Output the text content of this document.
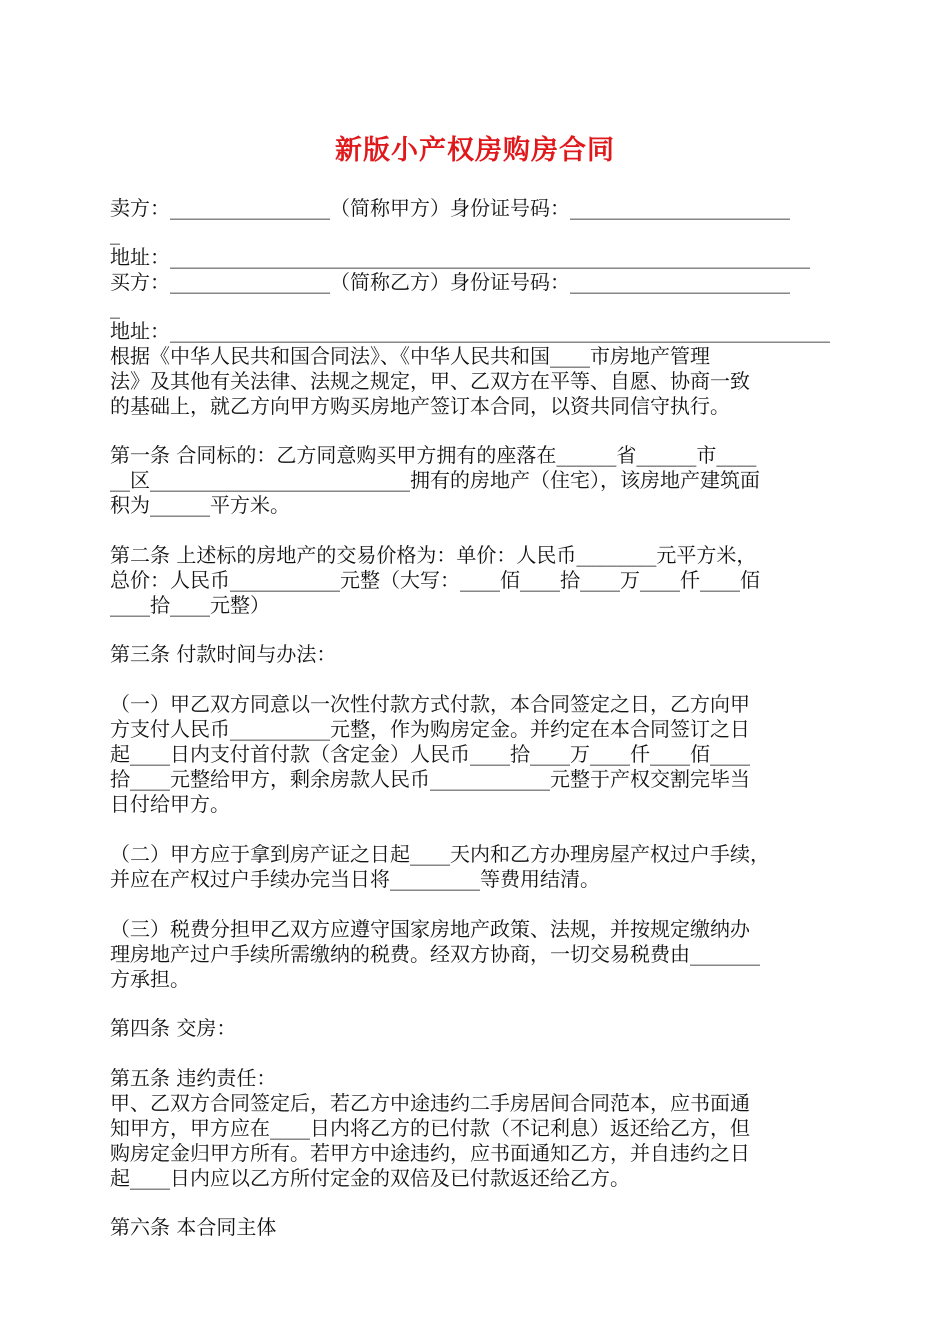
新版小产权房购房合同
卖方：________________（简称甲方）身份证号码：______________________
_
地址：________________________________________________________________
买方：________________（简称乙方）身份证号码：______________________
_
地址：__________________________________________________________________
根据《中华人民共和国合同法》、《中华人民共和国____市房地产管理
法》及其他有关法律、法规之规定，甲、乙双方在平等、自愿、协商一致
的基础上，就乙方向甲方购买房地产签订本合同，以资共同信守执行。
第一条 合同标的：乙方同意购买甲方拥有的座落在______省______市____
__区__________________________拥有的房地产（住宅），该房地产建筑面
积为______平方米。
第二条 上述标的房地产的交易价格为：单价：人民币________元平方米，
总价：人民币___________元整（大写：____佰____拾____万____仟____佰
____拾____元整）
第三条 付款时间与办法：
（一）甲乙双方同意以一次性付款方式付款，本合同签定之日，乙方向甲
方支付人民币__________元整，作为购房定金。并约定在本合同签订之日
起____日内支付首付款（含定金）人民币____拾____万____仟____佰____
拾____元整给甲方，剩余房款人民币____________元整于产权交割完毕当
日付给甲方。
（二）甲方应于拿到房产证之日起____天内和乙方办理房屋产权过户手续，
并应在产权过户手续办完当日将_________等费用结清。
（三）税费分担甲乙双方应遵守国家房地产政策、法规，并按规定缴纳办
理房地产过户手续所需缴纳的税费。经双方协商，一切交易税费由_______
方承担。
第四条 交房：
第五条 违约责任：
甲、乙双方合同签定后，若乙方中途违约二手房居间合同范本，应书面通
知甲方，甲方应在____日内将乙方的已付款（不记利息）返还给乙方，但
购房定金归甲方所有。若甲方中途违约，应书面通知乙方，并自违约之日
起____日内应以乙方所付定金的双倍及已付款返还给乙方。
第六条 本合同主体
